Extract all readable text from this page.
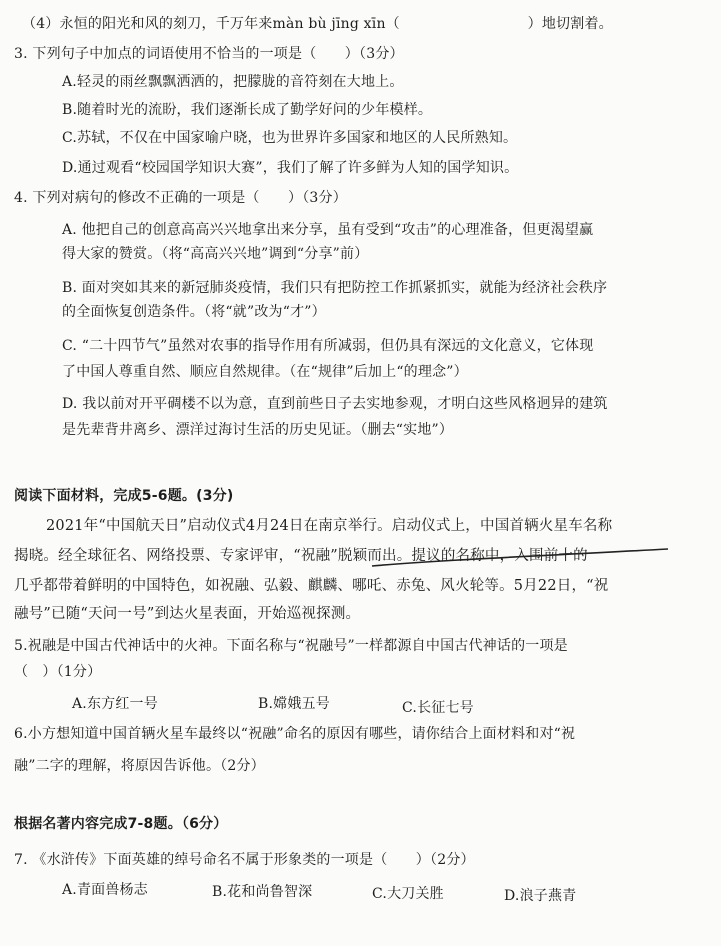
（4）永恒的阳光和风的刻刀，千万年来màn bù jīng xīn（　　　　　　　　　）地切割着。
3. 下列句子中加点的词语使用不恰当的一项是（　　）（3分）
A.轻灵的雨丝飘飘洒洒的，把朦胧的音符刻在大地上。
B.随着时光的流盼，我们逐渐长成了勤学好问的少年模样。
C.苏轼，不仅在中国家喻户晓，也为世界许多国家和地区的人民所熟知。
D.通过观看“校园国学知识大赛”，我们了解了许多鲜为人知的国学知识。
4. 下列对病句的修改不正确的一项是（　　）（3分）
A. 他把自己的创意高高兴兴地拿出来分享，虽有受到“攻击”的心理准备，但更渴望赢
得大家的赞赏。（将“高高兴兴地”调到“分享”前）
B. 面对突如其来的新冠肺炎疫情，我们只有把防控工作抓紧抓实，就能为经济社会秩序
的全面恢复创造条件。（将“就”改为“才”）
C. “二十四节气”虽然对农事的指导作用有所减弱，但仍具有深远的文化意义，它体现
了中国人尊重自然、顺应自然规律。（在“规律”后加上“的理念”）
D. 我以前对开平碉楼不以为意，直到前些日子去实地参观，才明白这些风格迥异的建筑
是先辈背井离乡、漂洋过海讨生活的历史见证。（删去“实地”）
阅读下面材料，完成5-6题。(3分)
2021年“中国航天日”启动仪式4月24日在南京举行。启动仪式上，中国首辆火星车名称
揭晓。经全球征名、网络投票、专家评审，“祝融”脱颖而出。提议的名称中，入围前十的
几乎都带着鲜明的中国特色，如祝融、弘毅、麒麟、哪吒、赤兔、风火轮等。5月22日，“祝
融号”已随“天问一号”到达火星表面，开始巡视探测。
5.祝融是中国古代神话中的火神。下面名称与“祝融号”一样都源自中国古代神话的一项是
（　）（1分）
A.东方红一号	B.嫦娥五号	C.长征七号
6.小方想知道中国首辆火星车最终以“祝融”命名的原因有哪些，请你结合上面材料和对“祝
融”二字的理解，将原因告诉他。（2分）
根据名著内容完成7-8题。（6分）
7. 《水浒传》下面英雄的绰号命名不属于形象类的一项是（　　）（2分）
A.青面兽杨志	B.花和尚鲁智深	C.大刀关胜	D.浪子燕青
